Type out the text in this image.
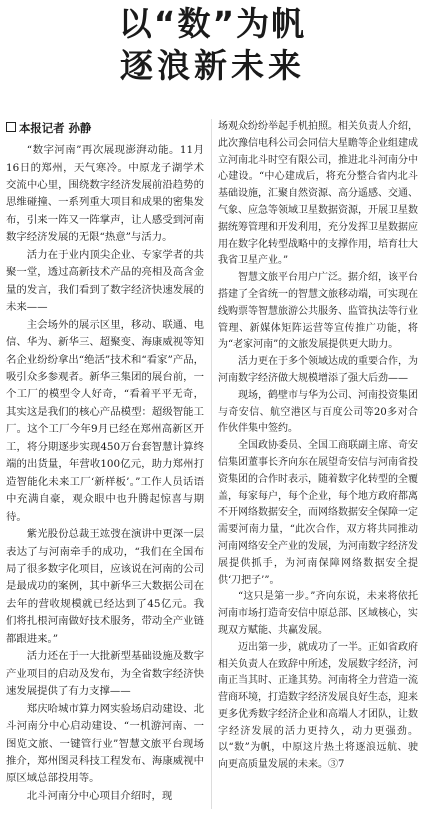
以“数”为帆
逐浪新未来
本报记者 孙静

“数字河南”再次展现澎湃动能。11月16日的郑州，天气寒冷。中原龙子湖学术交流中心里，围绕数字经济发展前沿趋势的思维碰撞、一系列重大项目和成果的密集发布，引来一阵又一阵掌声，让人感受到河南数字经济发展的无限“热意”与活力。

活力在于业内顶尖企业、专家学者的共聚一堂，透过高新技术产品的亮相及高含金量的发言，我们看到了数字经济快速发展的未来——

主会场外的展示区里，移动、联通、电信、华为、新华三、超聚变、海康威视等知名企业纷纷拿出“绝活”技术和“看家”产品，吸引众多参观者。新华三集团的展台前，一个工厂的模型令人好奇，“看着平平无奇，其实这是我们的核心产品模型：超级智能工厂。这个工厂今年9月已经在郑州高新区开工，将分期逐步实现450万台套智慧计算终端的出货量，年营收100亿元，助力郑州打造智能化未来工厂‘新样板’。”工作人员话语中充满自豪，观众眼中也升腾起惊喜与期待。

紫光股份总裁王竑弢在演讲中更深一层表达了与河南牵手的成功，“我们在全国布局了很多数字化项目，应该说在河南的公司是最成功的案例，其中新华三大数据公司在去年的营收规模就已经达到了45亿元。我们将扎根河南做好技术服务，带动全产业链都跟进来。”

活力还在于一大批新型基础设施及数字产业项目的启动及发布，为全省数字经济快速发展提供了有力支撑——

郑庆哈城市算力网实验场启动建设、北斗河南分中心启动建设、“一机游河南、一图览文旅、一键管行业”智慧文旅平台现场推介，郑州图灵科技工程发布、海康威视中原区域总部投用等。

北斗河南分中心项目介绍时，现

场观众纷纷举起手机拍照。相关负责人介绍，此次豫信电科公司会同信大星瞻等企业组建成立河南北斗时空有限公司，推进北斗河南分中心建设。“中心建成后，将充分整合省内北斗基础设施，汇聚自然资源、高分遥感、交通、气象、应急等领域卫星数据资源，开展卫星数据统筹管理和开发利用，充分发挥卫星数据应用在数字化转型战略中的支撑作用，培育壮大我省卫星产业。”

智慧文旅平台用户广泛。据介绍，该平台搭建了全省统一的智慧文旅移动端，可实现在线购票等智慧旅游公共服务、监管执法等行业管理、新媒体矩阵运营等宣传推广功能，将为“老家河南”的文旅发展提供更大助力。

活力更在于多个领域达成的重要合作，为河南数字经济做大规模增添了强大后劲——

现场，鹤壁市与华为公司、河南投资集团与奇安信、航空港区与百度公司等20多对合作伙伴集中签约。

全国政协委员、全国工商联副主席、奇安信集团董事长齐向东在展望奇安信与河南省投资集团的合作时表示，随着数字化转型的全覆盖，每家每户，每个企业，每个地方政府都离不开网络数据安全，而网络数据安全保障一定需要河南力量，“此次合作，双方将共同推动河南网络安全产业的发展，为河南数字经济发展提供抓手，为河南保障网络数据安全提供‘刀把子’”。

“这只是第一步。”齐向东说，未来将依托河南市场打造奇安信中原总部、区域核心，实现双方赋能、共赢发展。

迈出第一步，就成功了一半。正如省政府相关负责人在致辞中所述，发展数字经济，河南正当其时、正逢其势。河南将全力营造一流营商环境，打造数字经济发展良好生态，迎来更多优秀数字经济企业和高端人才团队，让数字经济发展的活力更持久，动力更强劲。以“数”为帆，中原这片热土将逐浪远航、驶向更高质量发展的未来。③7
